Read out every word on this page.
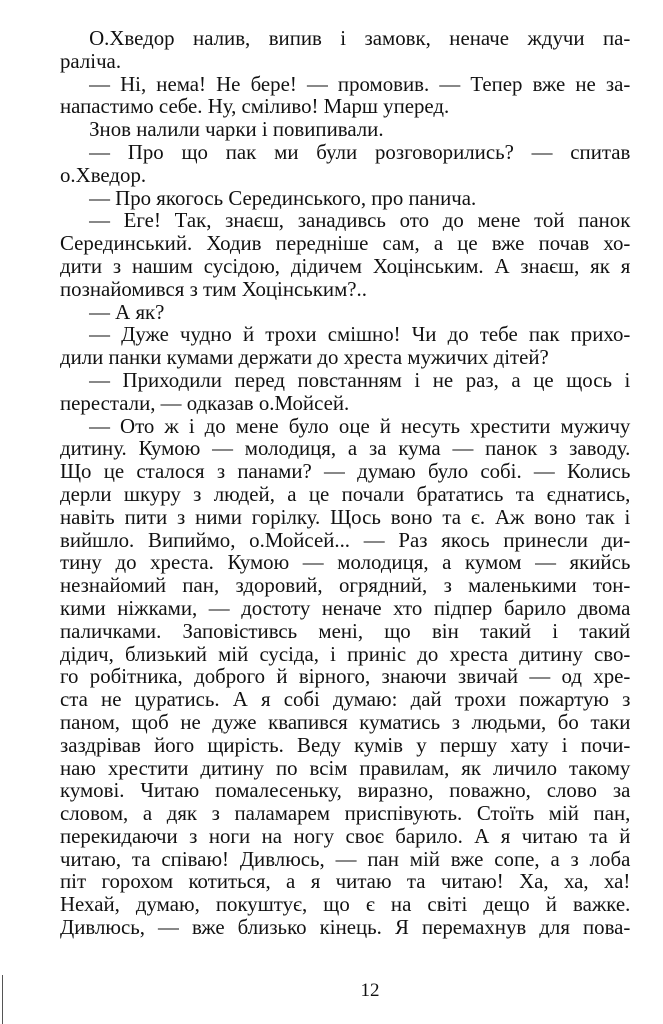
О.Хведор налив, випив і замовк, неначе ждучи па-
раліча.
— Ні, нема! Не бере! — промовив. — Тепер вже не за-
напастимо себе. Ну, сміливо! Марш уперед.
Знов налили чарки і повипивали.
— Про що пак ми були розговорились? — спитав
о.Хведор.
— Про якогось Серединського, про панича.
— Еге! Так, знаєш, занадивсь ото до мене той панок
Серединський. Ходив передніше сам, а це вже почав хо-
дити з нашим сусідою, дідичем Хоцінським. А знаєш, як я
познайомився з тим Хоцінським?..
— А як?
— Дуже чудно й трохи смішно! Чи до тебе пак прихо-
дили панки кумами держати до хреста мужичих дітей?
— Приходили перед повстанням і не раз, а це щось і
перестали, — одказав о.Мойсей.
— Ото ж і до мене було оце й несуть хрестити мужичу
дитину. Кумою — молодиця, а за кума — панок з заводу.
Що це сталося з панами? — думаю було собі. — Колись
дерли шкуру з людей, а це почали брататись та єднатись,
навіть пити з ними горілку. Щось воно та є. Аж воно так і
вийшло. Випиймо, о.Мойсей... — Раз якось принесли ди-
тину до хреста. Кумою — молодиця, а кумом — якийсь
незнайомий пан, здоровий, огрядний, з маленькими тон-
кими ніжками, — достоту неначе хто підпер барило двома
паличками. Заповістивсь мені, що він такий і такий
дідич, близький мій сусіда, і приніс до хреста дитину сво-
го робітника, доброго й вірного, знаючи звичай — од хре-
ста не цуратись. А я собі думаю: дай трохи пожартую з
паном, щоб не дуже квапився куматись з людьми, бо таки
заздрівав його щирість. Веду кумів у першу хату і почи-
наю хрестити дитину по всім правилам, як личило такому
кумові. Читаю помалесеньку, виразно, поважно, слово за
словом, а дяк з паламарем приспівують. Стоїть мій пан,
перекидаючи з ноги на ногу своє барило. А я читаю та й
читаю, та співаю! Дивлюсь, — пан мій вже сопе, а з лоба
піт горохом котиться, а я читаю та читаю! Ха, ха, ха!
Нехай, думаю, покуштує, що є на світі дещо й важке.
Дивлюсь, — вже близько кінець. Я перемахнув для пова-
12
